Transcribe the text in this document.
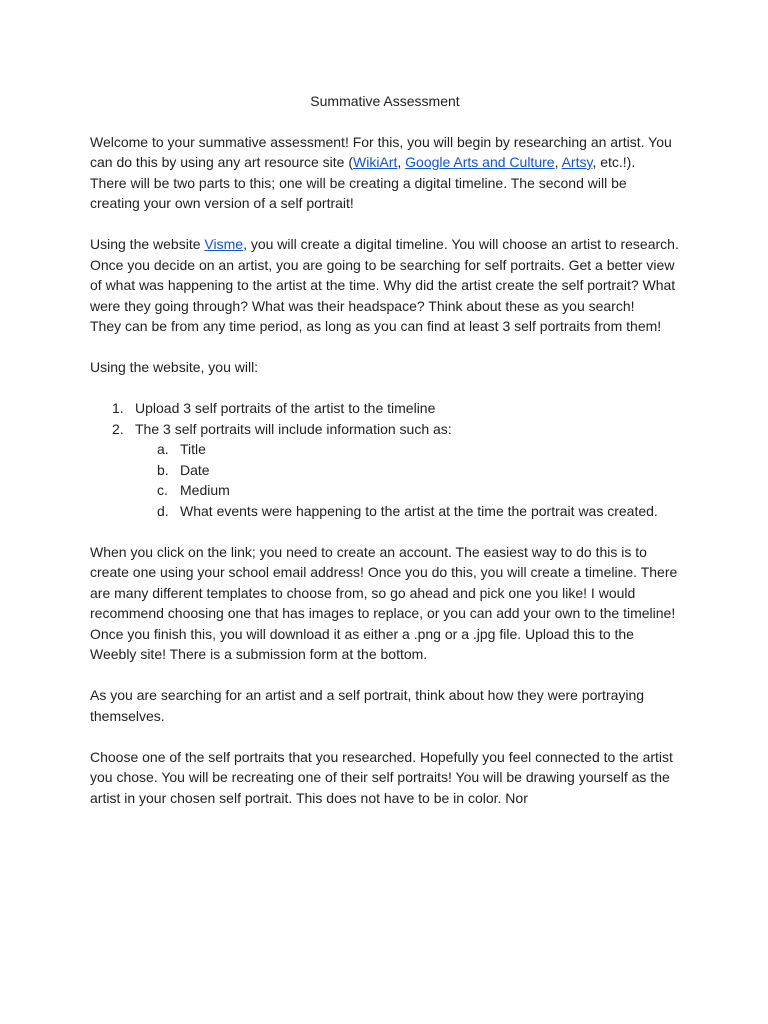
Summative Assessment

Welcome to your summative assessment! For this, you will begin by researching an artist. You can do this by using any art resource site (WikiArt, Google Arts and Culture, Artsy, etc.!).

There will be two parts to this; one will be creating a digital timeline. The second will be creating your own version of a self portrait!

Using the website Visme, you will create a digital timeline. You will choose an artist to research. Once you decide on an artist, you are going to be searching for self portraits. Get a better view of what was happening to the artist at the time. Why did the artist create the self portrait? What were they going through? What was their headspace? Think about these as you search!

They can be from any time period, as long as you can find at least 3 self portraits from them!

Using the website, you will:

1. Upload 3 self portraits of the artist to the timeline
2. The 3 self portraits will include information such as:
a. Title
b. Date
c. Medium
d. What events were happening to the artist at the time the portrait was created.

When you click on the link; you need to create an account. The easiest way to do this is to create one using your school email address! Once you do this, you will create a timeline. There are many different templates to choose from, so go ahead and pick one you like! I would recommend choosing one that has images to replace, or you can add your own to the timeline! Once you finish this, you will download it as either a .png or a .jpg file. Upload this to the Weebly site! There is a submission form at the bottom.

As you are searching for an artist and a self portrait, think about how they were portraying themselves.

Choose one of the self portraits that you researched. Hopefully you feel connected to the artist you chose. You will be recreating one of their self portraits! You will be drawing yourself as the artist in your chosen self portrait. This does not have to be in color. Nor
